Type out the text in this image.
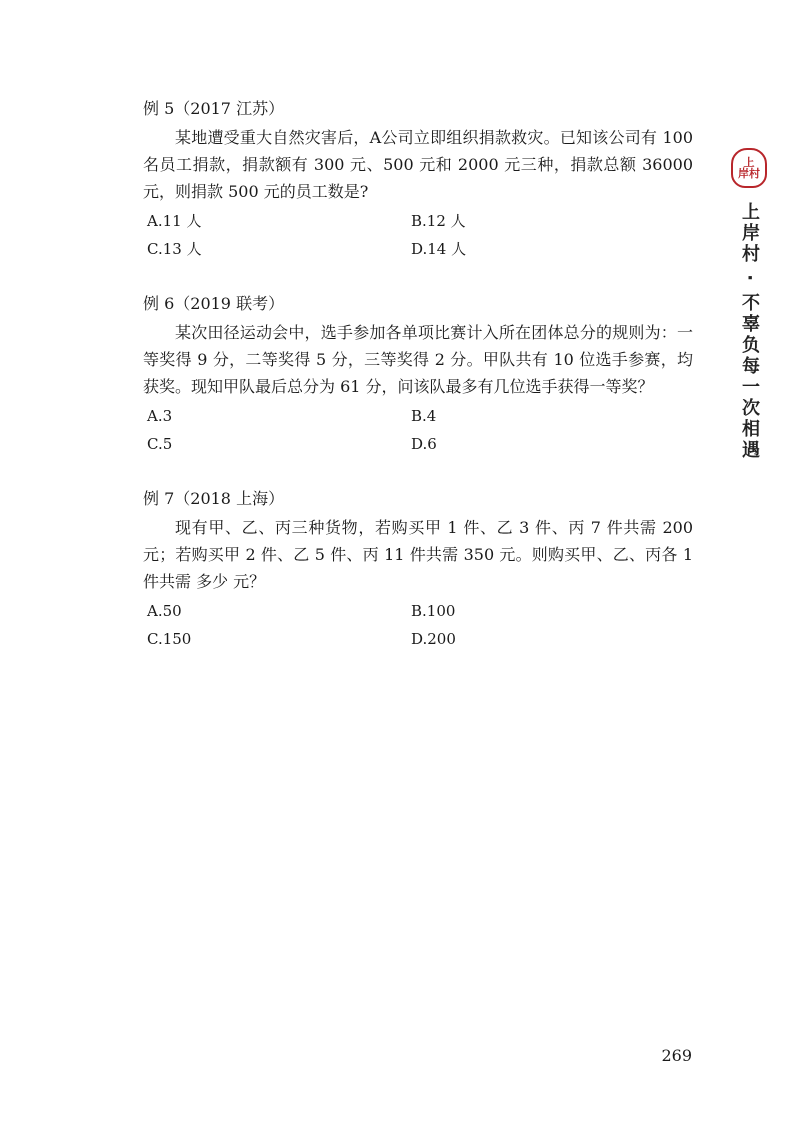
例 5（2017 江苏）
某地遭受重大自然灾害后，A公司立即组织捐款救灾。已知该公司有 100 名员工捐款，捐款额有 300 元、500 元和 2000 元三种，捐款总额 36000 元，则捐款 500 元的员工数是?
A.11 人	B.12 人
C.13 人	D.14 人
例 6（2019 联考）
某次田径运动会中，选手参加各单项比赛计入所在团体总分的规则为：一等奖得 9 分，二等奖得 5 分，三等奖得 2 分。甲队共有 10 位选手参赛，均获奖。现知甲队最后总分为 61 分，问该队最多有几位选手获得一等奖？
A.3	B.4
C.5	D.6
例 7（2018 上海）
现有甲、乙、丙三种货物，若购买甲 1 件、乙 3 件、丙 7 件共需 200 元；若购买甲 2 件、乙 5 件、丙 11 件共需 350 元。则购买甲、乙、丙各 1 件共需 多少 元？
A.50	B.100
C.150	D.200
上
岸村
上岸村 · 不辜负每一次相遇
269
